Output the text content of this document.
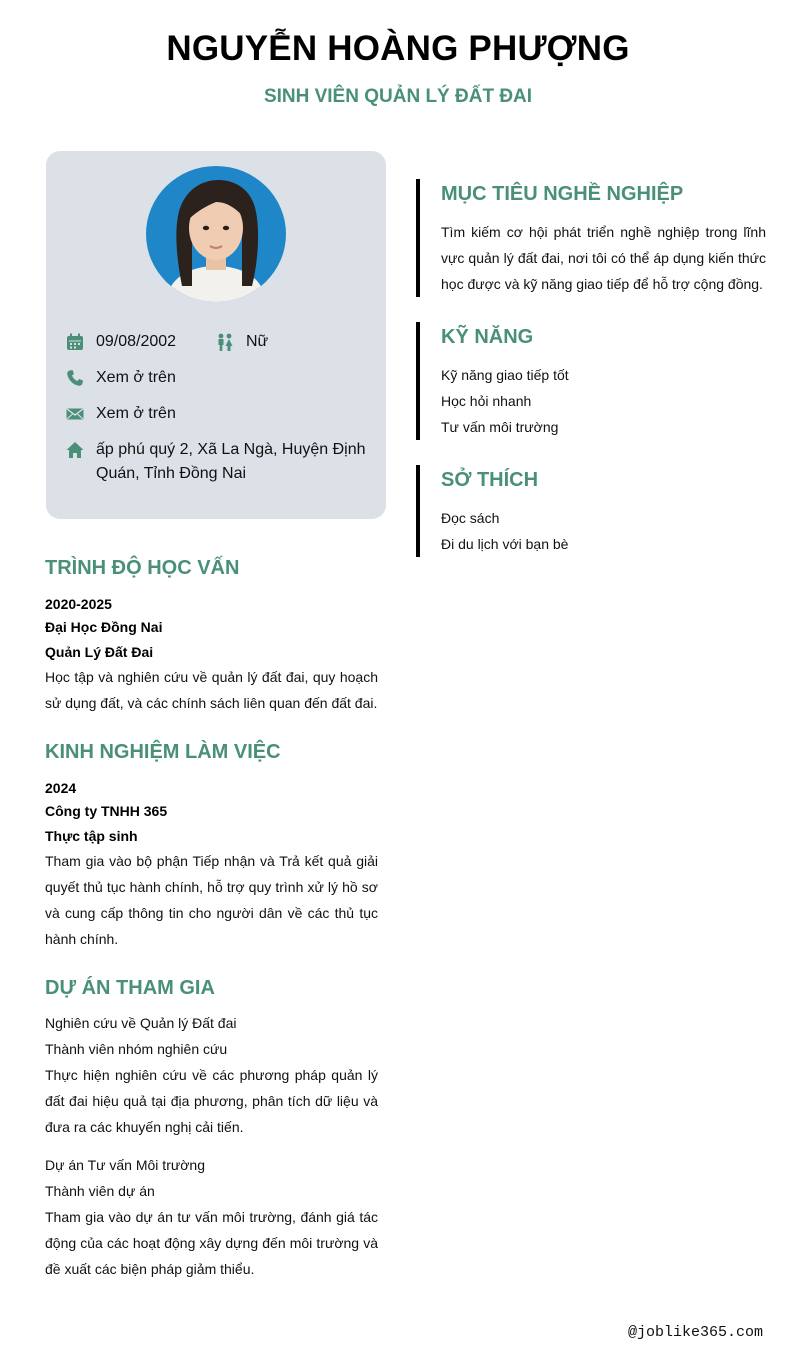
NGUYỄN HOÀNG PHƯỢNG
SINH VIÊN QUẢN LÝ ĐẤT ĐAI
09/08/2002	Nữ
Xem ở trên
Xem ở trên
ấp phú quý 2, Xã La Ngà, Huyện Định Quán, Tỉnh Đồng Nai
TRÌNH ĐỘ HỌC VẤN
2020-2025
Đại Học Đồng Nai
Quản Lý Đất Đai
Học tập và nghiên cứu về quản lý đất đai, quy hoạch sử dụng đất, và các chính sách liên quan đến đất đai.
KINH NGHIỆM LÀM VIỆC
2024
Công ty TNHH 365
Thực tập sinh
Tham gia vào bộ phận Tiếp nhận và Trả kết quả giải quyết thủ tục hành chính, hỗ trợ quy trình xử lý hồ sơ và cung cấp thông tin cho người dân về các thủ tục hành chính.
DỰ ÁN THAM GIA
Nghiên cứu về Quản lý Đất đai
Thành viên nhóm nghiên cứu
Thực hiện nghiên cứu về các phương pháp quản lý đất đai hiệu quả tại địa phương, phân tích dữ liệu và đưa ra các khuyến nghị cải tiến.
Dự án Tư vấn Môi trường
Thành viên dự án
Tham gia vào dự án tư vấn môi trường, đánh giá tác động của các hoạt động xây dựng đến môi trường và đề xuất các biện pháp giảm thiểu.
MỤC TIÊU NGHỀ NGHIỆP
Tìm kiếm cơ hội phát triển nghề nghiệp trong lĩnh vực quản lý đất đai, nơi tôi có thể áp dụng kiến thức học được và kỹ năng giao tiếp để hỗ trợ cộng đồng.
KỸ NĂNG
Kỹ năng giao tiếp tốt
Học hỏi nhanh
Tư vấn môi trường
SỞ THÍCH
Đọc sách
Đi du lịch với bạn bè
@joblike365.com
